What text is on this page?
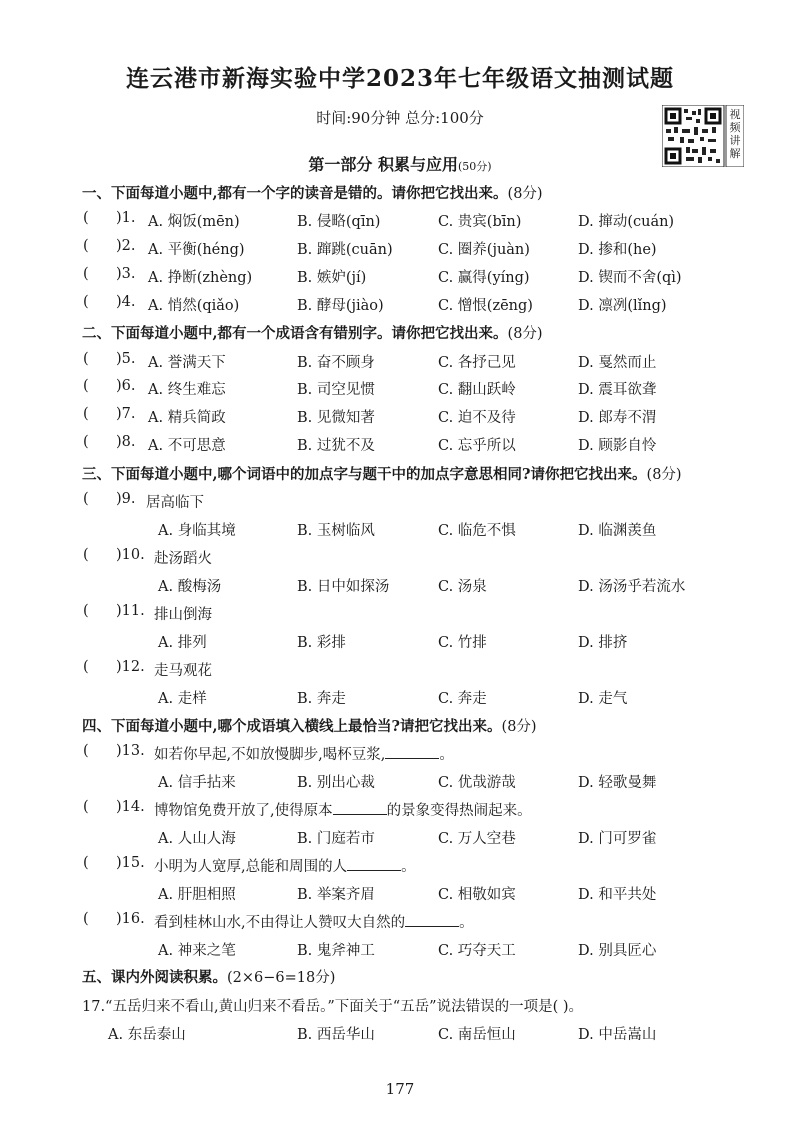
连云港市新海实验中学2023年七年级语文抽测试题
时间:90分钟 总分:100分	视频讲解
第一部分 积累与应用(50分)
一、下面每道小题中,都有一个字的读音是错的。请你把它找出来。(8分)
( )1. A. 焖饭(mēn)	B. 侵略(qīn)	C. 贵宾(bīn)	D. 撺动(cuán)
( )2. A. 平衡(héng)	B. 蹿跳(cuān)	C. 圈养(juàn)	D. 掺和(he)
( )3. A. 挣断(zhèng)	B. 嫉妒(jí)	C. 赢得(yíng)	D. 锲而不舍(qì)
( )4. A. 悄然(qiǎo)	B. 酵母(jiào)	C. 憎恨(zēng)	D. 凛冽(lǐng)
二、下面每道小题中,都有一个成语含有错别字。请你把它找出来。(8分)
( )5. A. 誉满天下	B. 奋不顾身	C. 各抒己见	D. 戛然而止
( )6. A. 终生难忘	B. 司空见惯	C. 翻山跃岭	D. 震耳欲聋
( )7. A. 精兵简政	B. 见微知著	C. 迫不及待	D. 郎寿不渭
( )8. A. 不可思意	B. 过犹不及	C. 忘乎所以	D. 顾影自怜
三、下面每道小题中,哪个词语中的加点字与题干中的加点字意思相同?请你把它找出来。(8分)
( )9. 居高临下
A. 身临其境	B. 玉树临风	C. 临危不惧	D. 临渊羡鱼
( )10. 赴汤蹈火
A. 酸梅汤	B. 日中如探汤	C. 汤泉	D. 汤汤乎若流水
( )11. 排山倒海
A. 排列	B. 彩排	C. 竹排	D. 排挤
( )12. 走马观花
A. 走样	B. 奔走	C. 奔走	D. 走气
四、下面每道小题中,哪个成语填入横线上最恰当?请把它找出来。(8分)
( )13. 如若你早起,不如放慢脚步,喝杯豆浆,	。
A. 信手拈来	B. 别出心裁	C. 优哉游哉	D. 轻歌曼舞
( )14. 博物馆免费开放了,使得原本	的景象变得热闹起来。
A. 人山人海	B. 门庭若市	C. 万人空巷	D. 门可罗雀
( )15. 小明为人宽厚,总能和周围的人	。
A. 肝胆相照	B. 举案齐眉	C. 相敬如宾	D. 和平共处
( )16. 看到桂林山水,不由得让人赞叹大自然的	。
A. 神来之笔	B. 鬼斧神工	C. 巧夺天工	D. 别具匠心
五、课内外阅读积累。(2×6−6=18分)
17.“五岳归来不看山,黄山归来不看岳。”下面关于“五岳”说法错误的一项是( )。
A. 东岳泰山	B. 西岳华山	C. 南岳恒山	D. 中岳嵩山
177
